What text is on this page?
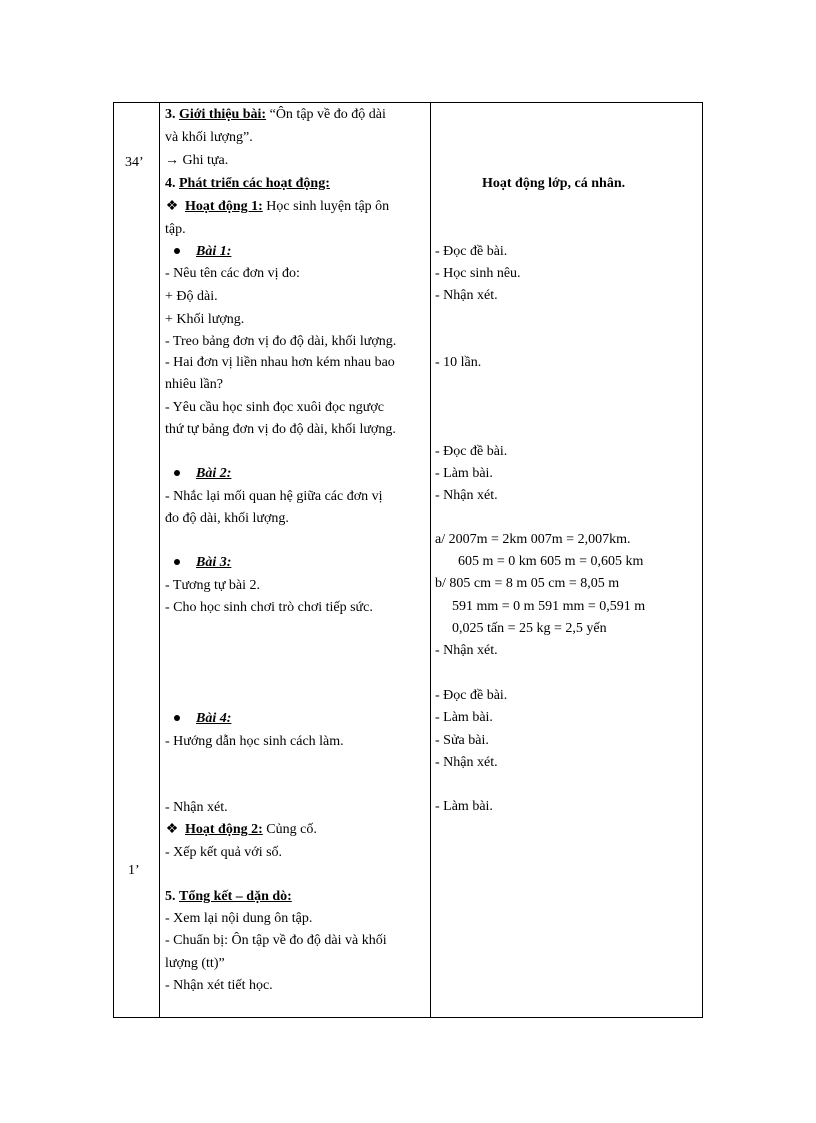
34’
1’
3. Giới thiệu bài: “Ôn tập về đo độ dài
và khối lượng”.
→ Ghi tựa.
4. Phát triển các hoạt động:
❖ Hoạt động 1: Học sinh luyện tập ôn
tập.
Bài 1:
- Nêu tên các đơn vị đo:
+ Độ dài.
+ Khối lượng.
- Treo bảng đơn vị đo độ dài, khối lượng.
- Hai đơn vị liền nhau hơn kém nhau bao
nhiêu lần?
- Yêu cầu học sinh đọc xuôi đọc ngược
thứ tự bảng đơn vị đo độ dài, khối lượng.
Bài 2:
- Nhắc lại mối quan hệ giữa các đơn vị
đo độ dài, khối lượng.
Bài 3:
- Tương tự bài 2.
- Cho học sinh chơi trò chơi tiếp sức.
Bài 4:
- Hướng dẫn học sinh cách làm.
- Nhận xét.
❖ Hoạt động 2: Củng cố.
- Xếp kết quả với số.
5. Tổng kết – dặn dò:
- Xem lại nội dung ôn tập.
- Chuẩn bị: Ôn tập về đo độ dài và khối
lượng (tt)”
- Nhận xét tiết học.
Hoạt động lớp, cá nhân.
- Đọc đề bài.
- Học sinh nêu.
- Nhận xét.
- 10 lần.
- Đọc đề bài.
- Làm bài.
- Nhận xét.
a/ 2007m = 2km 007m = 2,007km.
605 m = 0 km 605 m = 0,605 km
b/ 805 cm = 8 m 05 cm = 8,05 m
591 mm = 0 m 591 mm = 0,591 m
0,025 tấn = 25 kg = 2,5 yến
- Nhận xét.
- Đọc đề bài.
- Làm bài.
- Sửa bài.
- Nhận xét.
- Làm bài.
